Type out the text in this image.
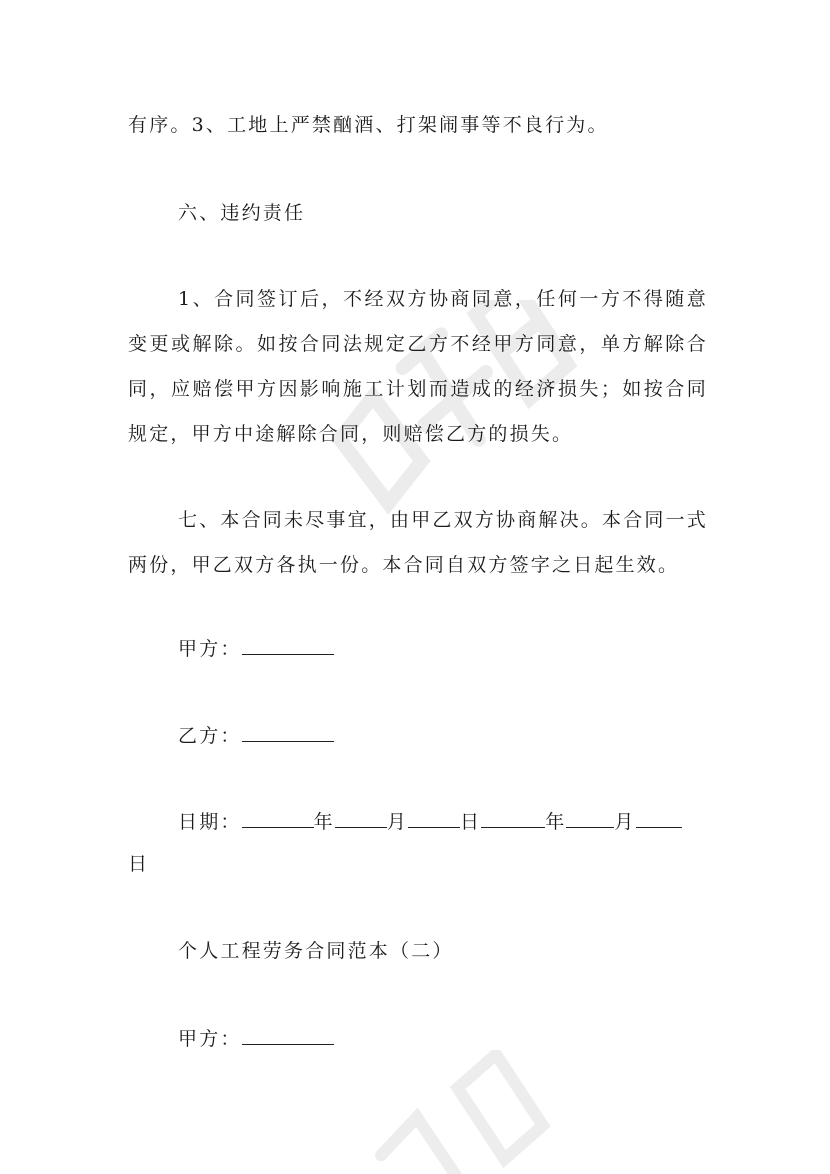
有序。3、工地上严禁酗酒、打架闹事等不良行为。
六、违约责任
1、合同签订后，不经双方协商同意，任何一方不得随意变更或解除。如按合同法规定乙方不经甲方同意，单方解除合同，应赔偿甲方因影响施工计划而造成的经济损失；如按合同规定，甲方中途解除合同，则赔偿乙方的损失。
七、本合同未尽事宜，由甲乙双方协商解决。本合同一式两份，甲乙双方各执一份。本合同自双方签字之日起生效。
甲方：
乙方：
日期：	年	月	日	年	月
日
个人工程劳务合同范本（二）
甲方：
